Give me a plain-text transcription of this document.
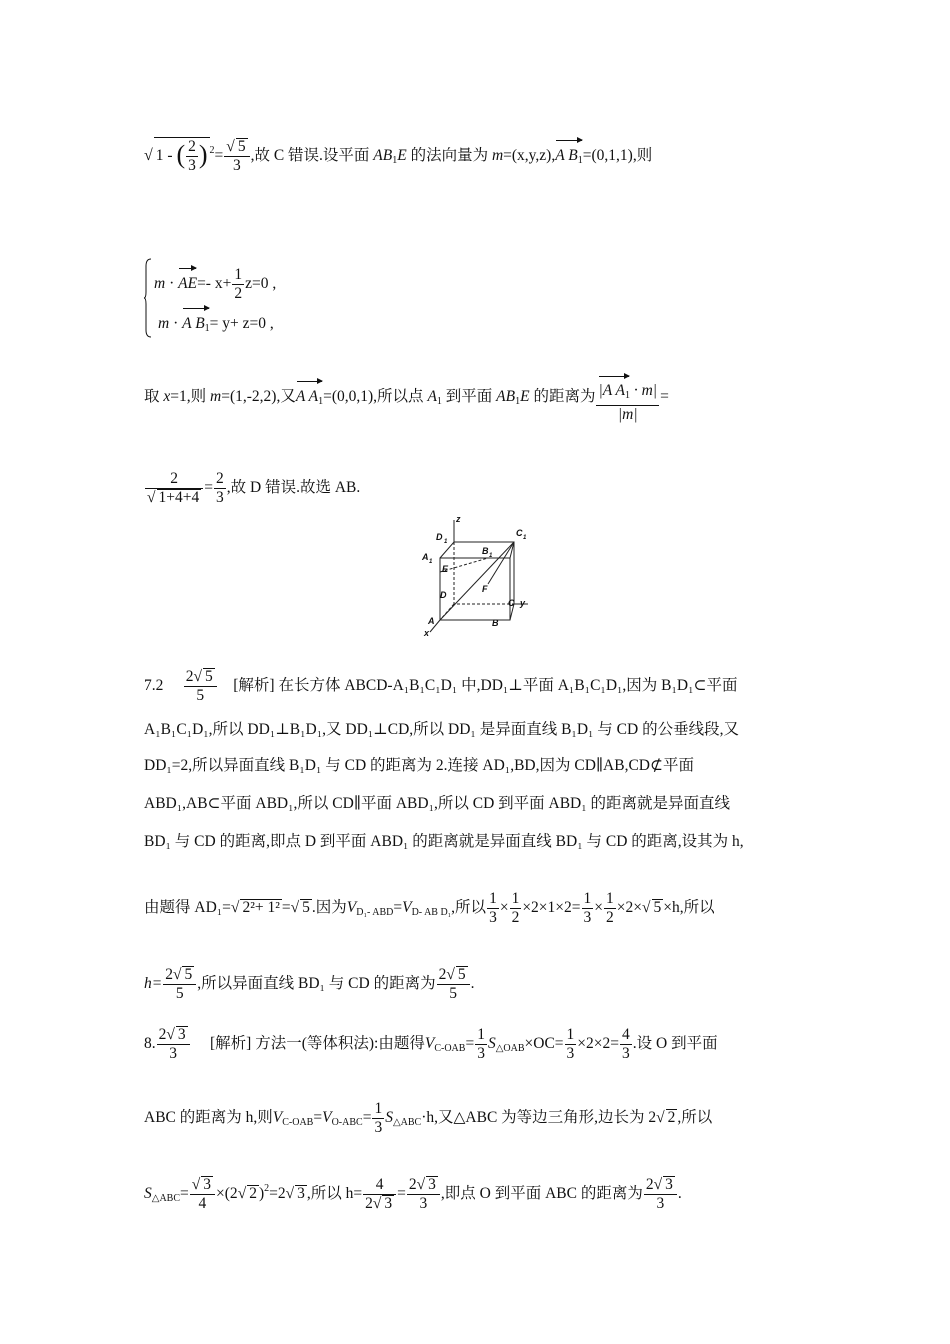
√ 1 - ( $\frac{2}{3}$ ) $^2= \frac{√ 5}{3}$ ,故 C 错误.设平面 $AB_1E$ 的法向量为 m=(x,y,z),A $B_1=(0,1,1)$,则
m · AE=- $x+ \frac{1}{2} z=0$ ,
m · A $B_1= y+ z=0$ ,
取 x=1,则 m=(1,-2,2),又A $A_1=(0,0,1)$,所以点 $A_1$ 到平面 $AB_1E$ 的距离为 $\frac{|A A_1 \cdot m|}{|m|}=$
$\frac{2}{√ 1+4+4} = \frac{2}{3}$ ,故 D 错误.故选 AB.
z
D 1
C 1
A 1
B 1
E
F
D
C y
A	B
x
$7.2 \frac{2√ 5}{5}$ [解析] 在长方体 ABCD-A₁B₁C₁D₁ 中,DD₁⊥平面 A₁B₁C₁D₁,因为 B₁D₁⊂平面
A₁B₁C₁D₁,所以 DD₁⊥B₁D₁,又 DD₁⊥CD,所以 DD₁ 是异面直线 B₁D₁ 与 CD 的公垂线段,又
DD₁=2,所以异面直线 B₁D₁ 与 CD 的距离为 2.连接 AD₁,BD,因为 CD∥AB,CD⊄平面
ABD₁,AB⊂平面 ABD₁,所以 CD∥平面 ABD₁,所以 CD 到平面 ABD₁ 的距离就是异面直线
BD₁ 与 CD 的距离,即点 D 到平面 ABD₁ 的距离就是异面直线 BD₁ 与 CD 的距离,设其为 h,
由题得 AD₁=√ 2²+ 1² =√ 5 .因为$V_{D_1- ABD}=V_{D- AB D_1}$,所以 $\frac{1}{3} \times \frac{1}{2} \times 2\times 1\times 2= \frac{1}{3} \times \frac{1}{2} \times 2\times√$ 5 ×h,所以
$h= \frac{2√ 5}{5}$ ,所以异面直线 BD₁ 与 CD 的距离为 $\frac{2√ 5}{5}$ .
8. $\frac{2√ 3}{3}$ [解析] 方法一(等体积法):由题得$V_{C-OAB}= \frac{1}{3} S_{\triangle OAB}\times OC= \frac{1}{3} \times 2\times 2= \frac{4}{3}$ .设 O 到平面
ABC 的距离为 h,则$V_{C-OAB}=V_{O-ABC}= \frac{1}{3} S_{\triangle ABC}\cdot h$,又△ABC 为等边三角形,边长为 2√ 2 ,所以
$S_{\triangle ABC}= \frac{√ 3}{4} \times(2√$ 2 )$^2$=2√ 3 ,所以 $h= \frac{4}{2√ 3} = \frac{2√ 3}{3}$ ,即点 O 到平面 ABC 的距离为 $\frac{2√ 3}{3}$ .
